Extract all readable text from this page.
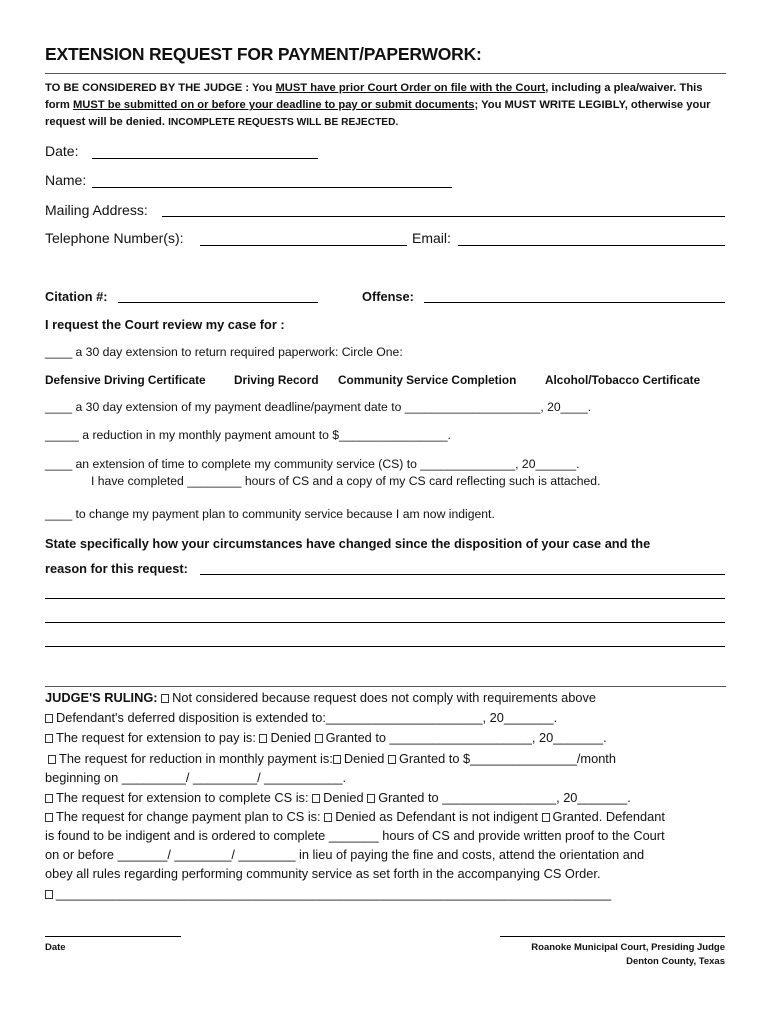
EXTENSION REQUEST FOR PAYMENT/PAPERWORK:
TO BE CONSIDERED BY THE JUDGE : You MUST have prior Court Order on file with the Court, including a plea/waiver. This form MUST be submitted on or before your deadline to pay or submit documents; You MUST WRITE LEGIBLY, otherwise your request will be denied. INCOMPLETE REQUESTS WILL BE REJECTED.
Date:
Name:
Mailing Address:
Telephone Number(s):	Email:
Citation #:	Offense:
I request the Court review my case for :
____ a 30 day extension to return required paperwork: Circle One:
Defensive Driving Certificate Driving Record Community Service Completion Alcohol/Tobacco Certificate
____ a 30 day extension of my payment deadline/payment date to ____________________, 20____.
_____ a reduction in my monthly payment amount to $________________.
____ an extension of time to complete my community service (CS) to ______________, 20______.
I have completed ________ hours of CS and a copy of my CS card reflecting such is attached.
____ to change my payment plan to community service because I am now indigent.
State specifically how your circumstances have changed since the disposition of your case and the
reason for this request:
JUDGE'S RULING: Not considered because request does not comply with requirements above
Defendant's deferred disposition is extended to:______________________, 20_______.
The request for extension to pay is: Denied Granted to ____________________, 20_______.
The request for reduction in monthly payment is: Denied Granted to $_______________/month
beginning on _________/ _________/ ___________.
The request for extension to complete CS is: Denied Granted to ________________, 20_______.
The request for change payment plan to CS is: Denied as Defendant is not indigent Granted. Defendant
is found to be indigent and is ordered to complete _______ hours of CS and provide written proof to the Court
on or before _______/ ________/ ________ in lieu of paying the fine and costs, attend the orientation and
obey all rules regarding performing community service as set forth in the accompanying CS Order.
______________________________________________________________________________
Date	Roanoke Municipal Court, Presiding Judge
Denton County, Texas
